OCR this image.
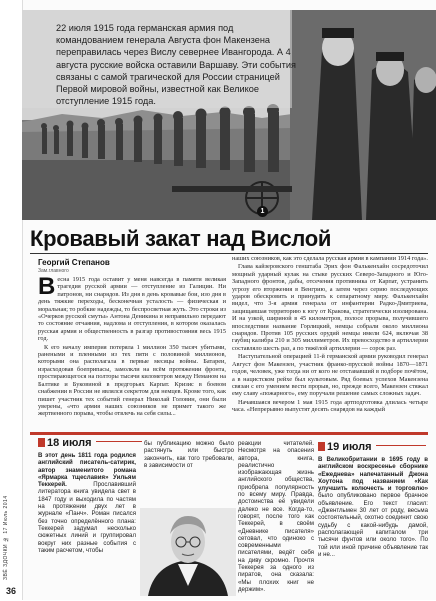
ЗВЁ ЗДОЧКИ № 17 Июль 2014
36
22 июля 1915 года германская армия под командованием генерала Августа фон Макензена переправилась через Вислу севернее Ивангорода. А 4 августа русские войска оставили Варшаву. Эти события связаны с самой трагической для России страницей Первой мировой войны, известной как Великое отступление 1915 года.
1
Кровавый закат над Вислой
Георгий Степанов
Зам.главного

Весна 1915 года оставит у меня навсегда в памяти великая трагедия русской армии — отступление из Галиции. Ни патронов, ни снарядов. Из дня в день кровавые бои, изо дня в день тяжкие переходы, бесконечная усталость — физическая и моральная; то робкие надежды, то беспросветная жуть. Это строки из «Очерков русской смуты» Антона Деникина и неправильно передают то состояние отчаяния, надлома и отступления, в котором оказалась русская армия и общественность в разгар противостояния весь 1915 год.

К его началу империя потеряла 1 миллион 350 тысяч убитыми, ранеными и пленными из тех пяти с половиной миллионов, которыми она располагала в первые месяцы войны. Батареи, израсходовав боеприпасы, замолкли на всём протяжении фронта, простирающегося на полторы тысячи километров между Неманом на Балтике и Буковиной в предгорьях Карпат. Кризис в боевом снабжении в России не являлся секретом для немцев. Кроме того, как пишет участник тех событий генерал Николай Головин, они были уверены, «что армия наших союзников не примет такого же жертвенного порыва, чтобы отвлечь на себя силы...

наших союзников, как это сделала русская армия в кампании 1914 года».

Глава кайзеровского генштаба Эрих фон Фалькенхайн сосредоточил мощный ударный кулак на стыке русских Северо-Западного и Юго-Западного фронтов, дабы, отсечения противника от Карпат, устранить угрозу его вторжения в Венгрию, а затем через серию последующих ударов обескровить и принудить к сепаратному миру. Фалькенхайн видел, что 3-я армия генерала от инфантерии Радко-Дмитриева, защищавшая территорию к югу от Кракова, стратегически изолирована. И на узкой, шириной в 45 километров, полосе прорыва, получившего впоследствии название Горлицкий, немцы собрали около миллиона снарядов. Против 105 русских орудий немцы имели 624, включая 38 гаубиц калибра 210 и 305 миллиметров. Их превосходство в артиллерии составляло шесть раз, а по тяжёлой артиллерии — сорок раз.

Наступательной операцией 11-й германской армии руководил генерал Август фон Макензен, участник франко-прусской войны 1870—1871 годов, человек, уже тогда ни от кого не отстававший в подборе почётом, а в нацистском рейхе был культовым. Ряд боевых успехов Макензена связан с его умением вести прорыв, но, прежде всего, Макензен стяжал ему славу «пожарного», ему поручали решение самых сложных задач.

Начавшаяся вечером 1 мая 1915 года артподготовка длилась четыре часа. «Непрерывно выпустят десять снарядов на каждый

18 июля	19 июля
В этот день 1811 года родился английский писатель-сатирик, автор знаменитого романа «Ярмарка тщеславия» Уильям Теккерей.	Прославивший литератора книга увидела свет в 1847 году и выходила по частям на протяжении двух лет в журнале «Панч». Роман писался без точно определённого плана: Теккерей задумал несколько сюжетных линий и группировал вокруг них разные события с таким расчетом, чтобы
бы публикацию можно было растянуть или быстро закончить, как того требовали, в зависимости от
реакции читателей. Несмотря на опасения автора, книга, реалистично изображающая жизнь английского общества, приобрела популярность по всему миру. Правда, достоинства её увидели далеко не все. Когда-то, говорят, после того как Теккерей, в своём «Дневнике писателя» сетовал, что одиноко с современными писателями, ведёт себя на диву скромно. Прочтя Теккерея за одного из пиратов, она сказала: «Мы плохих книг не держим».
В Великобритании в 1695 году в английском воскресенье сборнике «Ежеднева» напечатанный Джона Хоутона под названием «Как улучшить колючесть и торговлю» было опубликовано первое брачное объявление. Его текст гласил: «Джентльмен 30 лет от роду, весьма состоятельный, охотно соединит свою судьбу с какой-нибудь дамой, располагающей капиталом три тысячи фунтов или около того». По той или иной причине объявление так и не...
